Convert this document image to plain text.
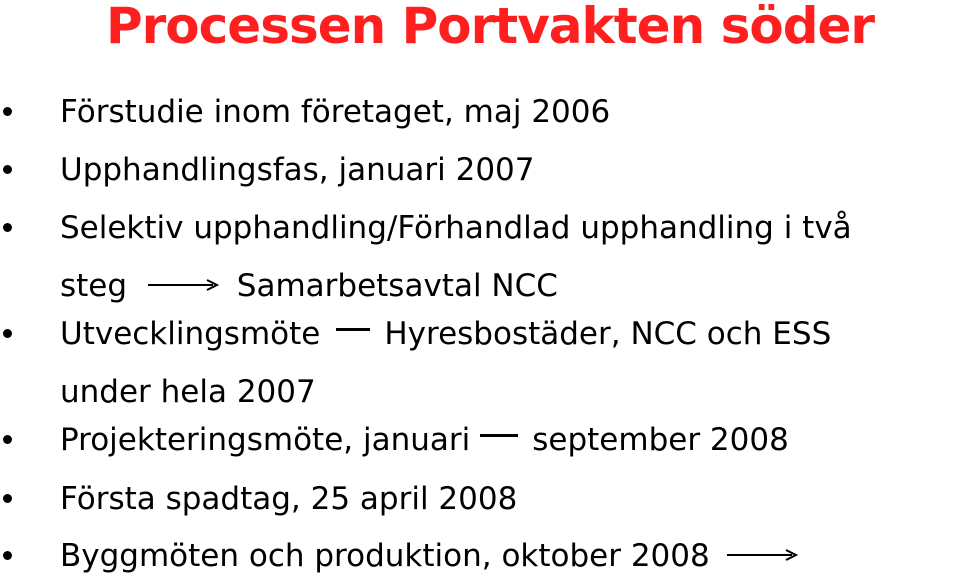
Processen Portvakten söder
Förstudie inom företaget, maj 2006
Upphandlingsfas, januari 2007
Selektiv upphandling/Förhandlad upphandling i två
steg	Samarbetsavtal NCC
Utvecklingsmöte Hyresbostäder, NCC och ESS
under hela 2007
Projekteringsmöte, januari september 2008
Första spadtag, 25 april 2008
Byggmöten och produktion, oktober 2008
